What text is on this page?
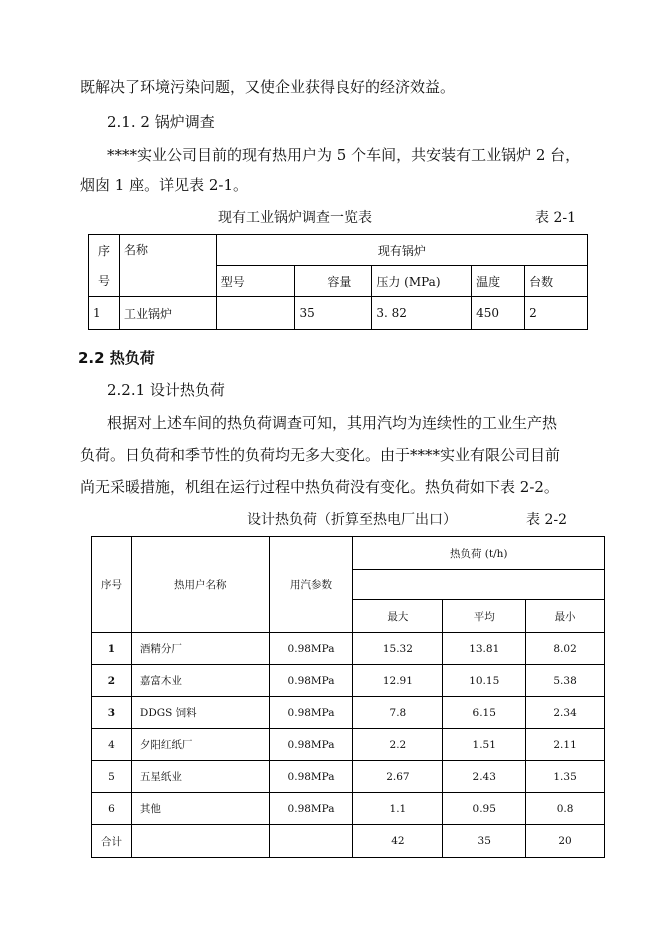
既解决了环境污染问题，又使企业获得良好的经济效益。
2.1. 2 锅炉调查
****实业公司目前的现有热用户为 5 个车间，共安装有工业锅炉 2 台，
烟囱 1 座。详见表 2-1。
现有工业锅炉调查一览表	表 2-1
序
号	名称	现有锅炉				
		型号	容量	压力 (MPa)	温度	台数
1	工业锅炉		35	3. 82	450	2
2.2 热负荷
2.2.1 设计热负荷
根据对上述车间的热负荷调查可知，其用汽均为连续性的工业生产热
负荷。日负荷和季节性的负荷均无多大变化。由于****实业有限公司目前
尚无采暖措施，机组在运行过程中热负荷没有变化。热负荷如下表 2-2。
设计热负荷（折算至热电厂出口）	表 2-2
序号	热用户名称	用汽参数	热负荷 (t/h)		

			最大	平均	最小
1	酒精分厂	0.98MPa	15.32	13.81	8.02
2	嘉富木业	0.98MPa	12.91	10.15	5.38
3	DDGS 饲料	0.98MPa	7.8	6.15	2.34
4	夕阳红纸厂	0.98MPa	2.2	1.51	2.11
5	五星纸业	0.98MPa	2.67	2.43	1.35
6	其他	0.98MPa	1.1	0.95	0.8
合计			42	35	20
